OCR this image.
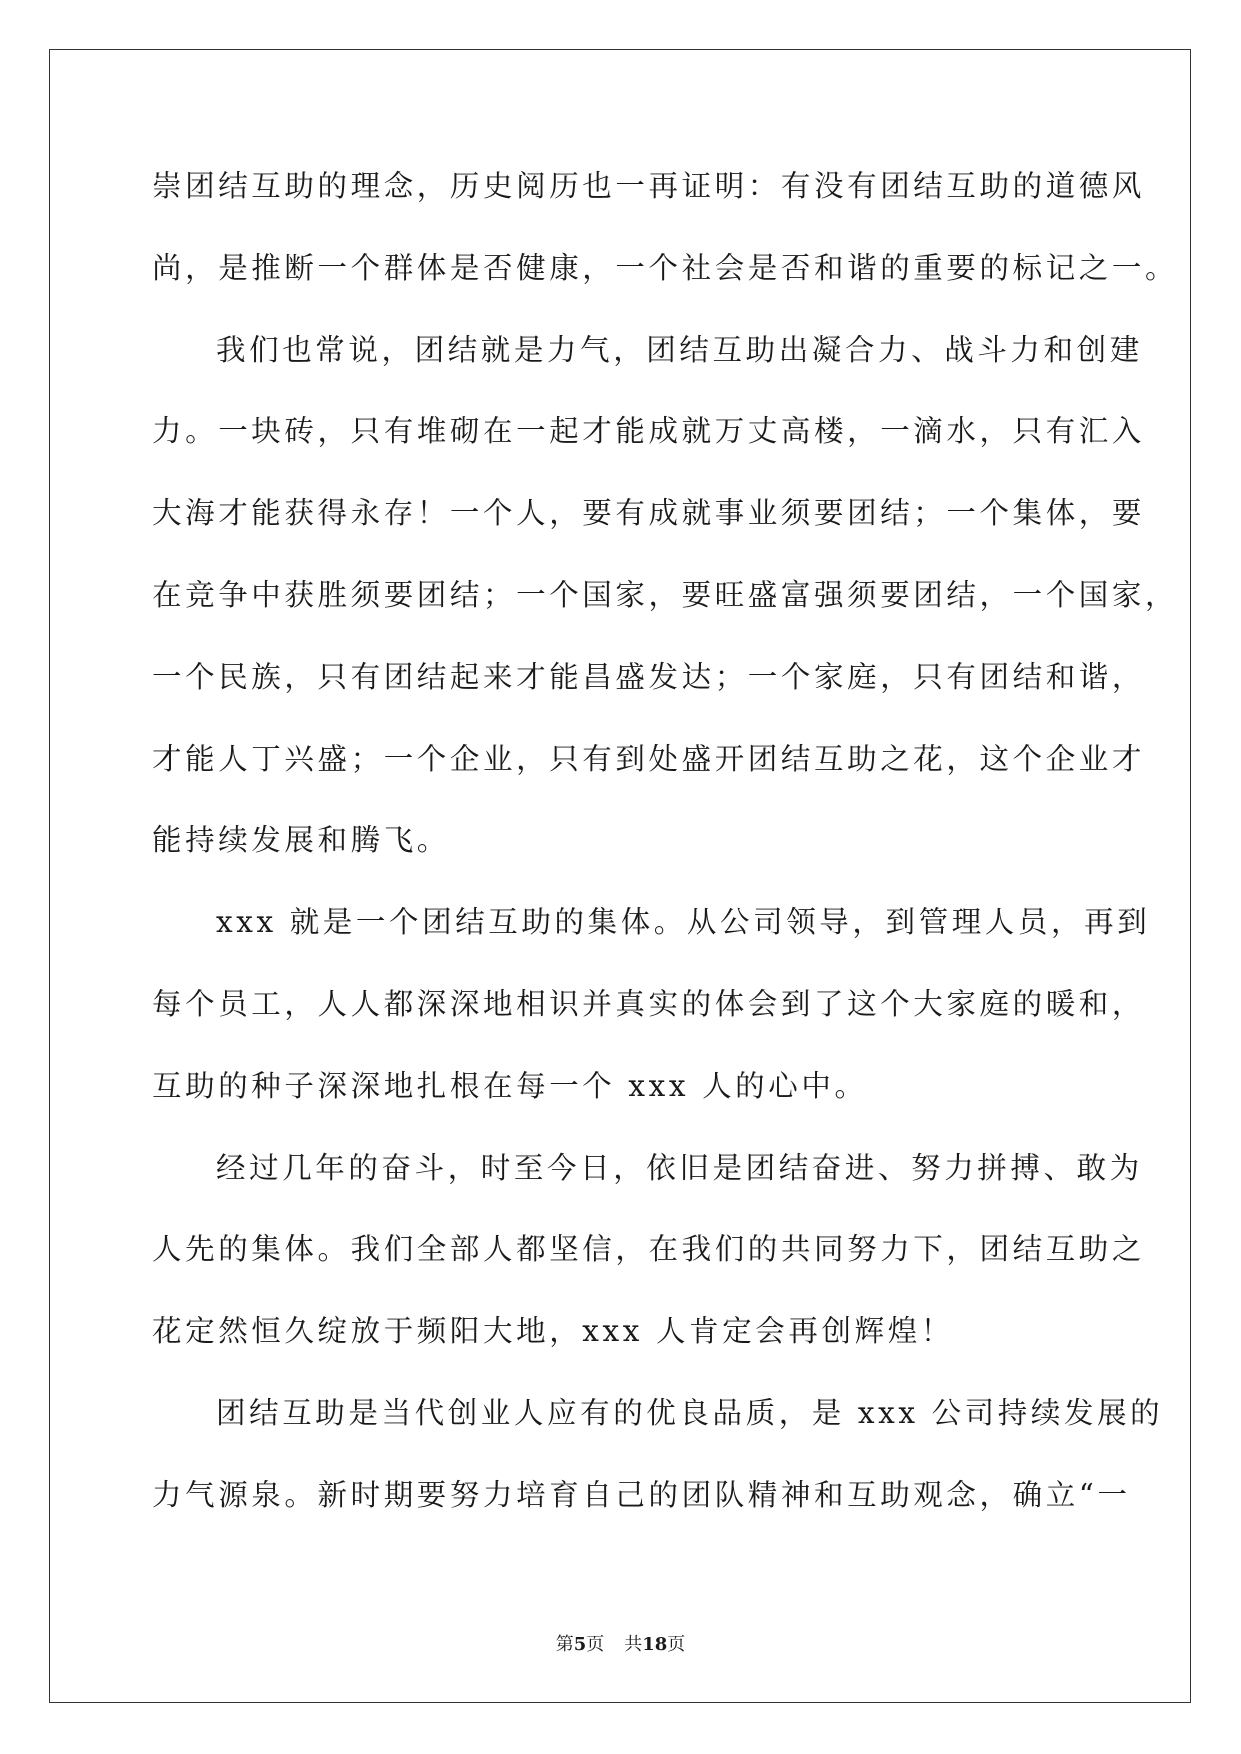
崇团结互助的理念，历史阅历也一再证明：有没有团结互助的道德风
尚，是推断一个群体是否健康，一个社会是否和谐的重要的标记之一。
我们也常说，团结就是力气，团结互助出凝合力、战斗力和创建
力。一块砖，只有堆砌在一起才能成就万丈高楼，一滴水，只有汇入
大海才能获得永存！一个人，要有成就事业须要团结；一个集体，要
在竞争中获胜须要团结；一个国家，要旺盛富强须要团结，一个国家，
一个民族，只有团结起来才能昌盛发达；一个家庭，只有团结和谐，
才能人丁兴盛；一个企业，只有到处盛开团结互助之花，这个企业才
能持续发展和腾飞。
xxx 就是一个团结互助的集体。从公司领导，到管理人员，再到
每个员工，人人都深深地相识并真实的体会到了这个大家庭的暖和，
互助的种子深深地扎根在每一个 xxx 人的心中。
经过几年的奋斗，时至今日，依旧是团结奋进、努力拼搏、敢为
人先的集体。我们全部人都坚信，在我们的共同努力下，团结互助之
花定然恒久绽放于频阳大地，xxx 人肯定会再创辉煌！
团结互助是当代创业人应有的优良品质，是 xxx 公司持续发展的
力气源泉。新时期要努力培育自己的团队精神和互助观念，确立“一
第5页 共18页
